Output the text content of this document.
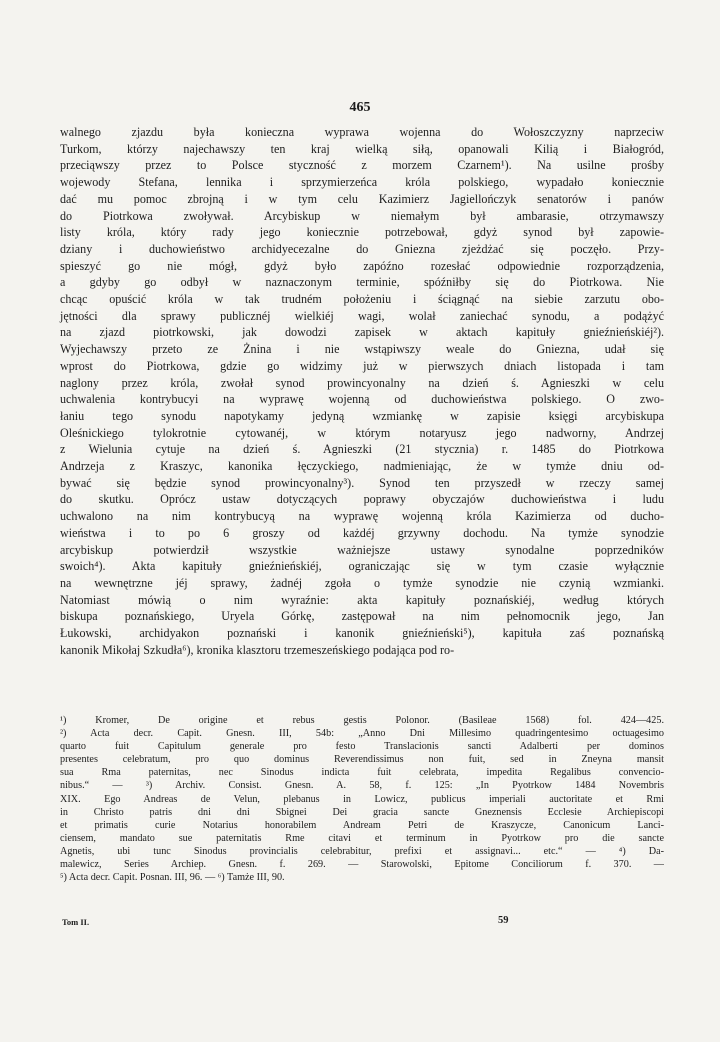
465
walnego zjazdu była konieczna wyprawa wojenna do Wołoszczyzny naprzeciw
Turkom, którzy najechawszy ten kraj wielką siłą, opanowali Kilią i Białogród,
przeciąwszy przez to Polsce styczność z morzem Czarnem¹). Na usilne prośby
wojewody Stefana, lennika i sprzymierzeńca króla polskiego, wypadało koniecznie
dać mu pomoc zbrojną i w tym celu Kazimierz Jagiellończyk senatorów i panów
do Piotrkowa zwoływał. Arcybiskup w niemałym był ambarasie, otrzymawszy
listy króla, który rady jego koniecznie potrzebował, gdyż synod był zapowie-
dziany i duchowieństwo archidyecezalne do Gniezna zjeżdżać się poczęło. Przy-
spieszyć go nie mógł, gdyż było zapóźno rozesłać odpowiednie rozporządzenia,
a gdyby go odbył w naznaczonym terminie, spóźniłby się do Piotrkowa. Nie
chcąc opuścić króla w tak trudném położeniu i ściągnąć na siebie zarzutu obo-
jętności dla sprawy publicznéj wielkiéj wagi, wolał zaniechać synodu, a podążyć
na zjazd piotrkowski, jak dowodzi zapisek w aktach kapituły gnieźnieńskiéj²).
Wyjechawszy przeto ze Żnina i nie wstąpiwszy weale do Gniezna, udał się
wprost do Piotrkowa, gdzie go widzimy już w pierwszych dniach listopada i tam
naglony przez króla, zwołał synod prowincyonalny na dzień ś. Agnieszki w celu
uchwalenia kontrybucyi na wyprawę wojenną od duchowieństwa polskiego. O zwo-
łaniu tego synodu napotykamy jedyną wzmiankę w zapisie księgi arcybiskupa
Oleśnickiego tylokrotnie cytowanéj, w którym notaryusz jego nadworny, Andrzej
z Wielunia cytuje na dzień ś. Agnieszki (21 stycznia) r. 1485 do Piotrkowa
Andrzeja z Kraszyc, kanonika łęczyckiego, nadmieniając, że w tymże dniu od-
bywać się będzie synod prowincyonalny³). Synod ten przyszedł w rzeczy samej
do skutku. Oprócz ustaw dotyczących poprawy obyczajów duchowieństwa i ludu
uchwalono na nim kontrybucyą na wyprawę wojenną króla Kazimierza od ducho-
wieństwa i to po 6 groszy od każdéj grzywny dochodu. Na tymże synodzie
arcybiskup potwierdził wszystkie ważniejsze ustawy synodalne poprzedników
swoich⁴). Akta kapituły gnieźnieńskiéj, ograniczając się w tym czasie wyłącznie
na wewnętrzne jéj sprawy, żadnéj zgoła o tymże synodzie nie czynią wzmianki.
Natomiast mówią o nim wyraźnie: akta kapituły poznańskiéj, według których
biskupa poznańskiego, Uryela Górkę, zastępował na nim pełnomocnik jego, Jan
Łukowski, archidyakon poznański i kanonik gnieźnieński⁵), kapituła zaś poznańską
kanonik Mikołaj Szkudła⁶), kronika klasztoru trzemeszeńskiego podająca pod ro-
¹) Kromer, De origine et rebus gestis Polonor. (Basileae 1568) fol. 424—425.
²) Acta decr. Capit. Gnesn. III, 54b: „Anno Dni Millesimo quadringentesimo octuagesimo
quarto fuit Capitulum generale pro festo Translacionis sancti Adalberti per dominos
presentes celebratum, pro quo dominus Reverendissimus non fuit, sed in Zneyna mansit
sua Rma paternitas, nec Sinodus indicta fuit celebrata, impedita Regalibus convencio-
nibus.“ — ³) Archiv. Consist. Gnesn. A. 58, f. 125: „In Pyotrkow 1484 Novembris
XIX. Ego Andreas de Velun, plebanus in Lowicz, publicus imperiali auctoritate et Rmi
in Christo patris dni dni Sbignei Dei gracia sancte Gneznensis Ecclesie Archiepiscopi
et primatis curie Notarius honorabilem Andream Petri de Kraszycze, Canonicum Lanci-
ciensem, mandato sue paternitatis Rme citavi et terminum in Pyotrkow pro die sancte
Agnetis, ubi tunc Sinodus provincialis celebrabitur, prefixi et assignavi... etc.“ — ⁴) Da-
malewicz, Series Archiep. Gnesn. f. 269. — Starowolski, Epitome Conciliorum f. 370. —
⁵) Acta decr. Capit. Posnan. III, 96. — ⁶) Tamże III, 90.
Tom II.	59
